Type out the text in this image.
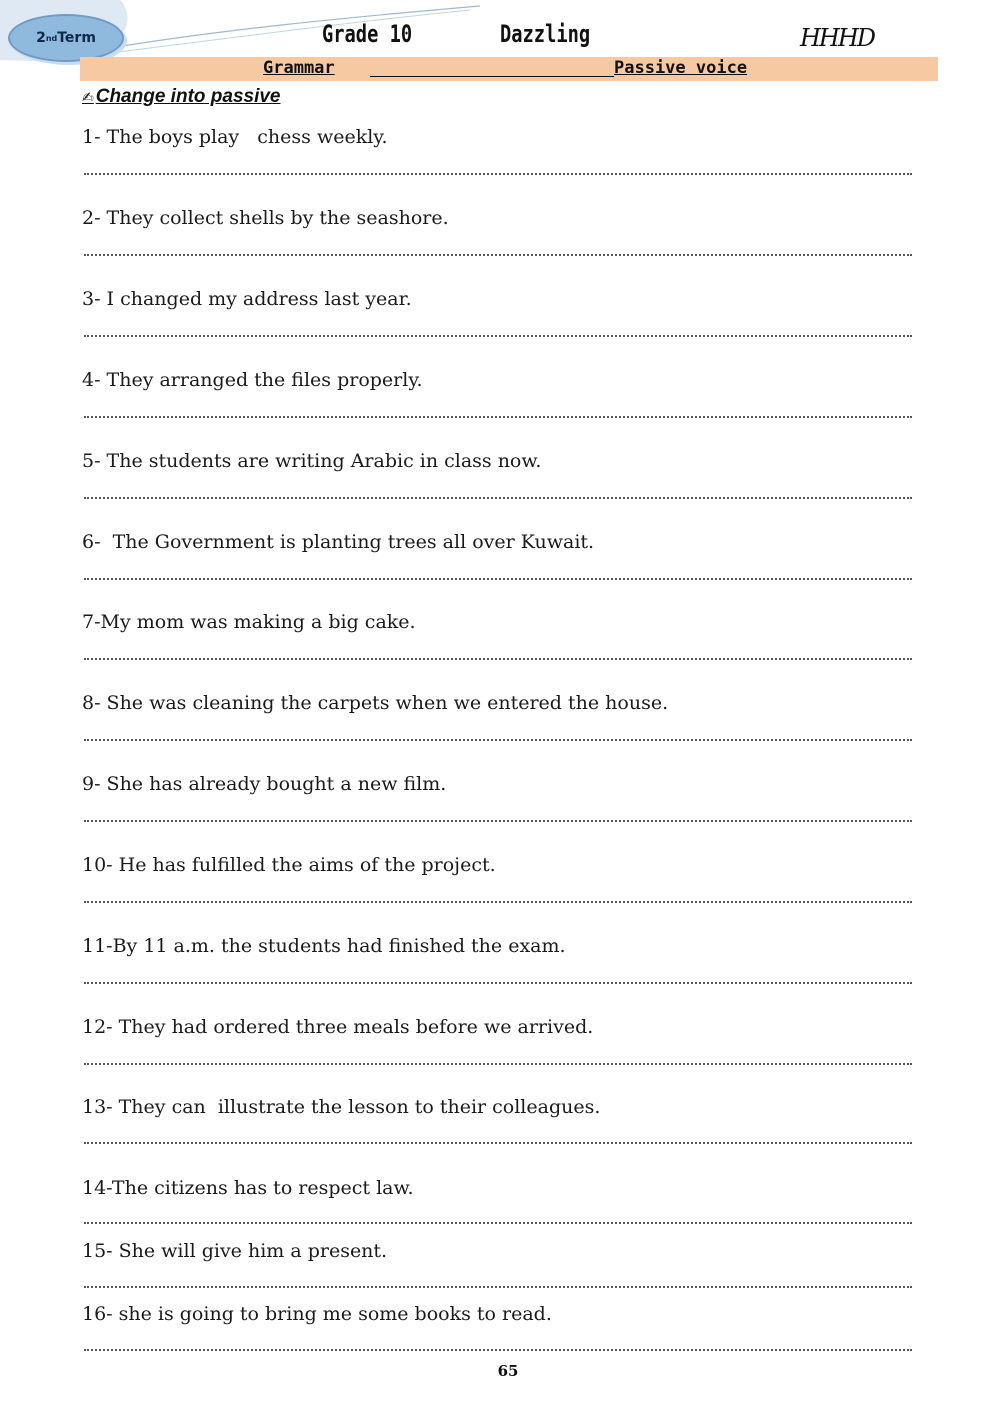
2 nd Term	Grade 10	Dazzling	HHHD
Grammar	Passive voice
✍ Change into passive
1- The boys play   chess weekly.
2- They collect shells by the seashore.
3- I changed my address last year.
4- They arranged the files properly.
5- The students are writing Arabic in class now.
6-  The Government is planting trees all over Kuwait.
7-My mom was making a big cake.
8- She was cleaning the carpets when we entered the house.
9- She has already bought a new film.
10- He has fulfilled the aims of the project.
11-By 11 a.m. the students had finished the exam.
12- They had ordered three meals before we arrived.
13- They can  illustrate the lesson to their colleagues.
14-The citizens has to respect law.
15- She will give him a present.
16- she is going to bring me some books to read.
65
